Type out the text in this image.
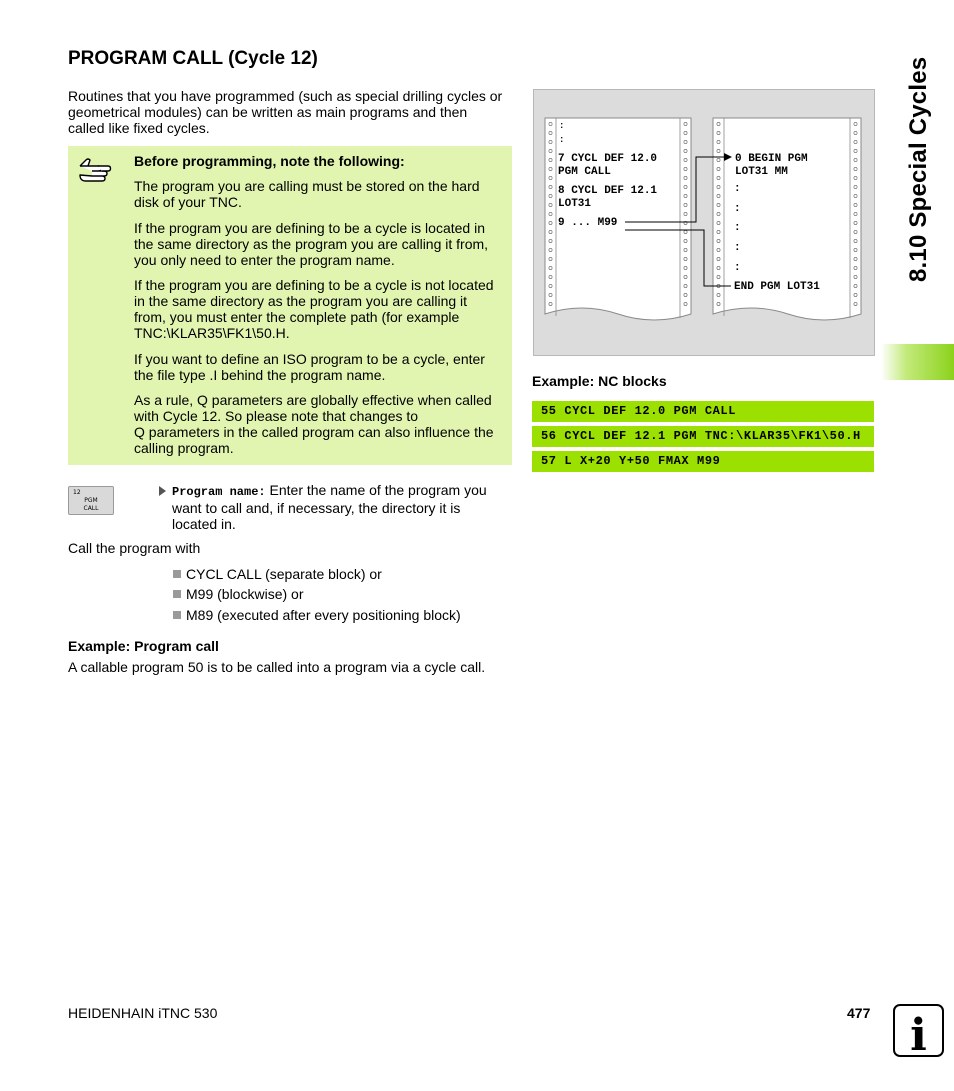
PROGRAM CALL (Cycle 12)
Routines that you have programmed (such as special drilling cycles or
geometrical modules) can be written as main programs and then
called like fixed cycles.
Before programming, note the following:
The program you are calling must be stored on the hard
disk of your TNC.
If the program you are defining to be a cycle is located in
the same directory as the program you are calling it from,
you only need to enter the program name.
If the program you are defining to be a cycle is not located
in the same directory as the program you are calling it
from, you must enter the complete path (for example
TNC:\KLAR35\FK1\50.H.
If you want to define an ISO program to be a cycle, enter
the file type .I behind the program name.
As a rule, Q parameters are globally effective when called
with Cycle 12. So please note that changes to
Q parameters in the called program can also influence the
calling program.
12
PGM
CALL
Program name: Enter the name of the program you
want to call and, if necessary, the directory it is
located in.
Call the program with
CYCL CALL (separate block) or
M99 (blockwise) or
M89 (executed after every positioning block)
Example: Program call
A callable program 50 is to be called into a program via a cycle call.
:
:
7 CYCL DEF 12.0
PGM CALL
8 CYCL DEF 12.1
LOT31
9 ... M99
0 BEGIN PGM
LOT31 MM
END PGM LOT31
:
:
:
:
:
Example: NC blocks
55 CYCL DEF 12.0 PGM CALL
56 CYCL DEF 12.1 PGM TNC:\KLAR35\FK1\50.H
57 L X+20 Y+50 FMAX M99
8.10 Special Cycles
HEIDENHAIN iTNC 530	477 i
